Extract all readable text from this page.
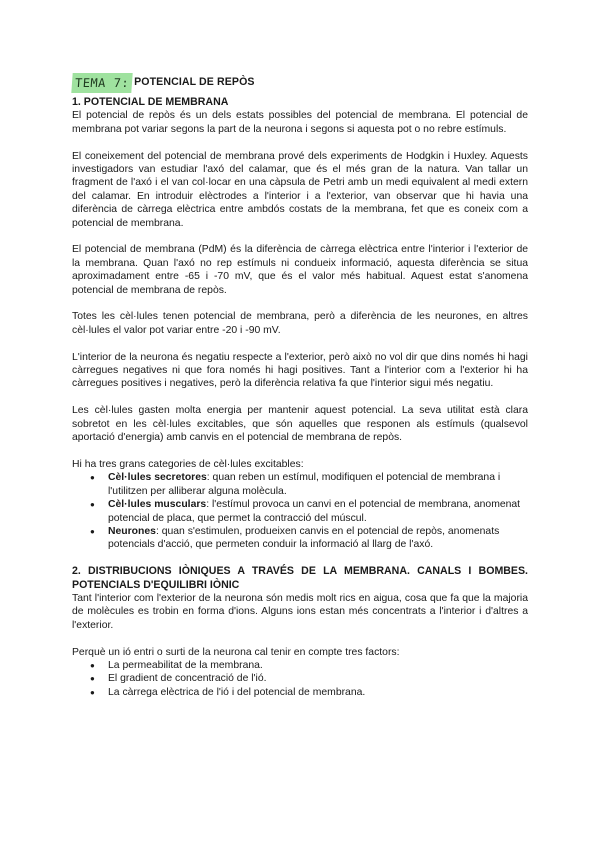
TEMA 7: POTENCIAL DE REPÒS
1. POTENCIAL DE MEMBRANA

El potencial de repòs és un dels estats possibles del potencial de membrana. El potencial de membrana pot variar segons la part de la neurona i segons si aquesta pot o no rebre estímuls.

El coneixement del potencial de membrana prové dels experiments de Hodgkin i Huxley. Aquests investigadors van estudiar l'axó del calamar, que és el més gran de la natura. Van tallar un fragment de l'axó i el van col·locar en una càpsula de Petri amb un medi equivalent al medi extern del calamar. En introduir elèctrodes a l'interior i a l'exterior, van observar que hi havia una diferència de càrrega elèctrica entre ambdós costats de la membrana, fet que es coneix com a potencial de membrana.

El potencial de membrana (PdM) és la diferència de càrrega elèctrica entre l'interior i l'exterior de la membrana. Quan l'axó no rep estímuls ni condueix informació, aquesta diferència se situa aproximadament entre -65 i -70 mV, que és el valor més habitual. Aquest estat s'anomena potencial de membrana de repòs.

Totes les cèl·lules tenen potencial de membrana, però a diferència de les neurones, en altres cèl·lules el valor pot variar entre -20 i -90 mV.

L'interior de la neurona és negatiu respecte a l'exterior, però això no vol dir que dins només hi hagi càrregues negatives ni que fora només hi hagi positives. Tant a l'interior com a l'exterior hi ha càrregues positives i negatives, però la diferència relativa fa que l'interior sigui més negatiu.

Les cèl·lules gasten molta energia per mantenir aquest potencial. La seva utilitat està clara sobretot en les cèl·lules excitables, que són aquelles que responen als estímuls (qualsevol aportació d'energia) amb canvis en el potencial de membrana de repòs.

Hi ha tres grans categories de cèl·lules excitables:

● Cèl·lules secretores: quan reben un estímul, modifiquen el potencial de membrana i l'utilitzen per alliberar alguna molècula.
● Cèl·lules musculars: l'estímul provoca un canvi en el potencial de membrana, anomenat potencial de placa, que permet la contracció del múscul.
● Neurones: quan s'estimulen, produeixen canvis en el potencial de repòs, anomenats potencials d'acció, que permeten conduir la informació al llarg de l'axó.
2. DISTRIBUCIONS IÒNIQUES A TRAVÉS DE LA MEMBRANA. CANALS I BOMBES. POTENCIALS D'EQUILIBRI IÒNIC

Tant l'interior com l'exterior de la neurona són medis molt rics en aigua, cosa que fa que la majoria de molècules es trobin en forma d'ions. Alguns ions estan més concentrats a l'interior i d'altres a l'exterior.

Perquè un ió entri o surti de la neurona cal tenir en compte tres factors:

● La permeabilitat de la membrana.
● El gradient de concentració de l'ió.
● La càrrega elèctrica de l'ió i del potencial de membrana.
